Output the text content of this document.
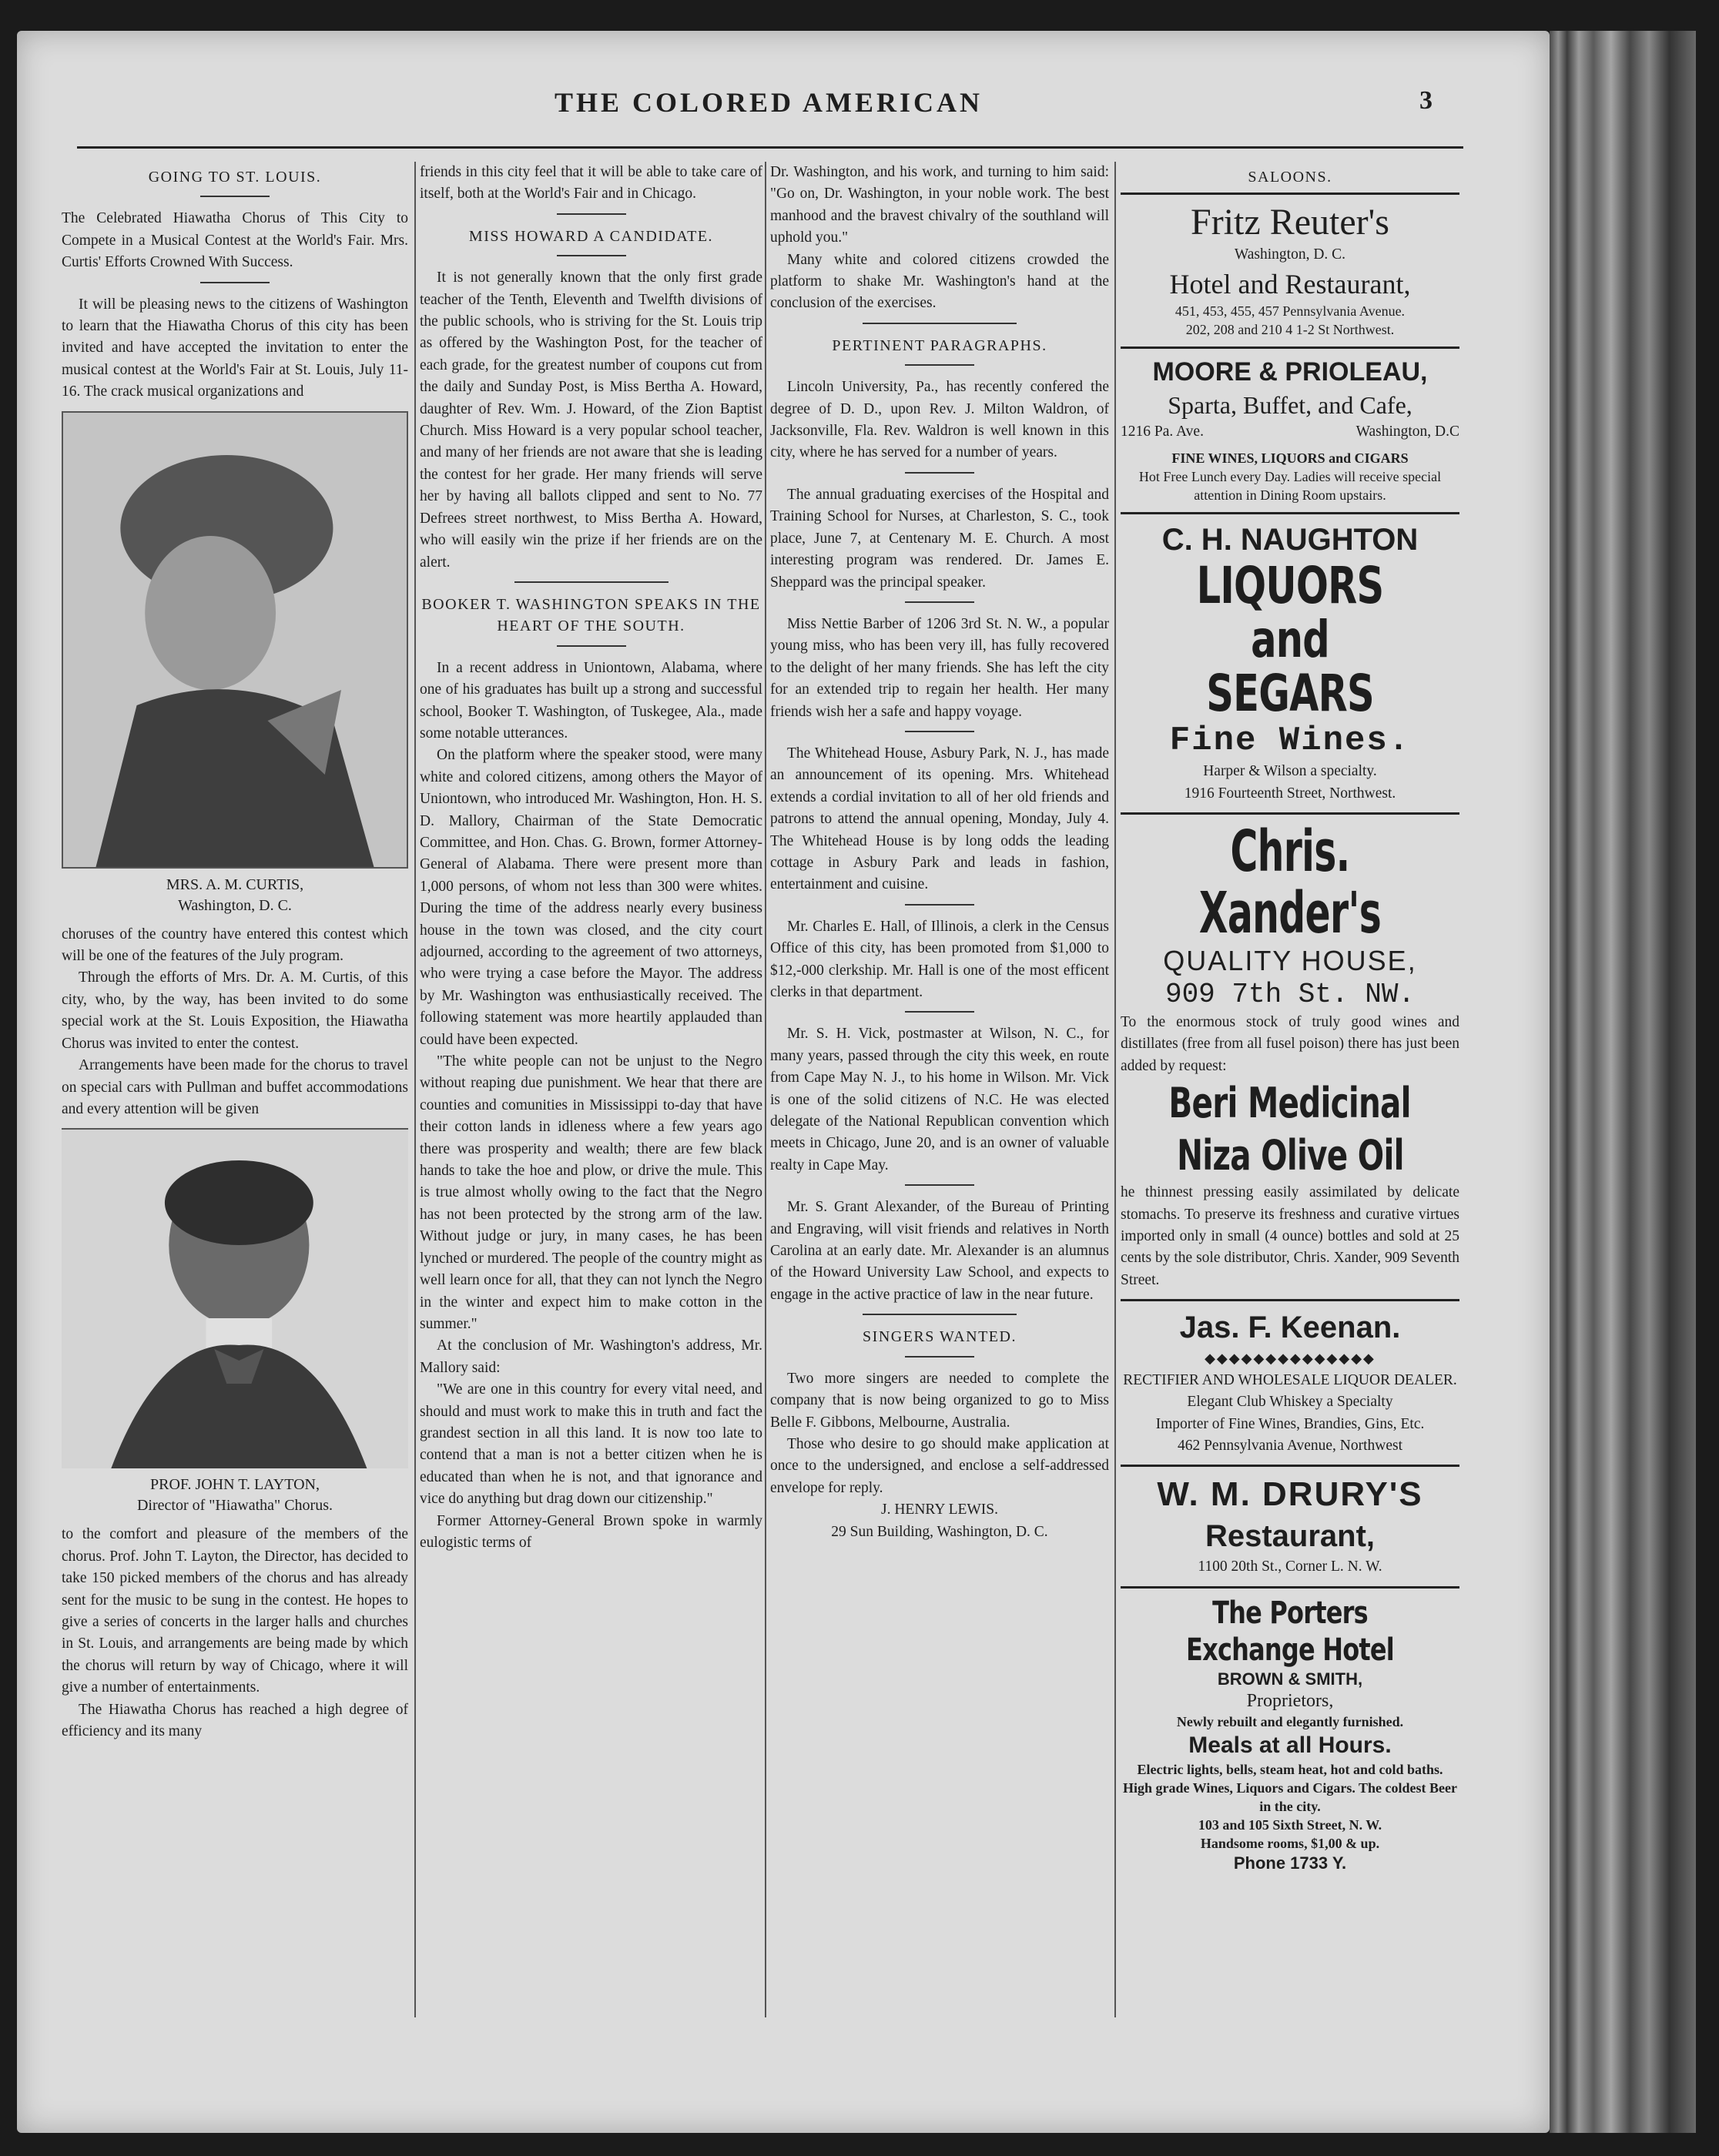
THE COLORED AMERICAN	3
GOING TO ST. LOUIS.

The Celebrated Hiawatha Chorus of This City to Compete in a Musical Contest at the World's Fair. Mrs. Curtis' Efforts Crowned With Success.

It will be pleasing news to the citizens of Washington to learn that the Hiawatha Chorus of this city has been invited and have accepted the invitation to enter the musical contest at the World's Fair at St. Louis, July 11-16. The crack musical organizations and

MRS. A. M. CURTIS,
Washington, D. C.

choruses of the country have entered this contest which will be one of the features of the July program.

Through the efforts of Mrs. Dr. A. M. Curtis, of this city, who, by the way, has been invited to do some special work at the St. Louis Exposition, the Hiawatha Chorus was invited to enter the contest.

Arrangements have been made for the chorus to travel on special cars with Pullman and buffet accommodations and every attention will be given

PROF. JOHN T. LAYTON,
Director of "Hiawatha" Chorus.

to the comfort and pleasure of the members of the chorus. Prof. John T. Layton, the Director, has decided to take 150 picked members of the chorus and has already sent for the music to be sung in the contest. He hopes to give a series of concerts in the larger halls and churches in St. Louis, and arrangements are being made by which the chorus will return by way of Chicago, where it will give a number of entertainments.

The Hiawatha Chorus has reached a high degree of efficiency and its many

friends in this city feel that it will be able to take care of itself, both at the World's Fair and in Chicago.

MISS HOWARD A CANDIDATE.

It is not generally known that the only first grade teacher of the Tenth, Eleventh and Twelfth divisions of the public schools, who is striving for the St. Louis trip as offered by the Washington Post, for the teacher of each grade, for the greatest number of coupons cut from the daily and Sunday Post, is Miss Bertha A. Howard, daughter of Rev. Wm. J. Howard, of the Zion Baptist Church. Miss Howard is a very popular school teacher, and many of her friends are not aware that she is leading the contest for her grade. Her many friends will serve her by having all ballots clipped and sent to No. 77 Defrees street northwest, to Miss Bertha A. Howard, who will easily win the prize if her friends are on the alert.

BOOKER T. WASHINGTON SPEAKS IN THE HEART OF THE SOUTH.

In a recent address in Uniontown, Alabama, where one of his graduates has built up a strong and successful school, Booker T. Washington, of Tuskegee, Ala., made some notable utterances.

On the platform where the speaker stood, were many white and colored citizens, among others the Mayor of Uniontown, who introduced Mr. Washington, Hon. H. S. D. Mallory, Chairman of the State Democratic Committee, and Hon. Chas. G. Brown, former Attorney-General of Alabama. There were present more than 1,000 persons, of whom not less than 300 were whites. During the time of the address nearly every business house in the town was closed, and the city court adjourned, according to the agreement of two attorneys, who were trying a case before the Mayor. The address by Mr. Washington was enthusiastically received. The following statement was more heartily applauded than could have been expected.

"The white people can not be unjust to the Negro without reaping due punishment. We hear that there are counties and comunities in Mississippi to-day that have their cotton lands in idleness where a few years ago there was prosperity and wealth; there are few black hands to take the hoe and plow, or drive the mule. This is true almost wholly owing to the fact that the Negro has not been protected by the strong arm of the law. Without judge or jury, in many cases, he has been lynched or murdered. The people of the country might as well learn once for all, that they can not lynch the Negro in the winter and expect him to make cotton in the summer."

At the conclusion of Mr. Washington's address, Mr. Mallory said:

"We are one in this country for every vital need, and should and must work to make this in truth and fact the grandest section in all this land. It is now too late to contend that a man is not a better citizen when he is educated than when he is not, and that ignorance and vice do anything but drag down our citizenship."

Former Attorney-General Brown spoke in warmly eulogistic terms of

Dr. Washington, and his work, and turning to him said: "Go on, Dr. Washington, in your noble work. The best manhood and the bravest chivalry of the southland will uphold you."

Many white and colored citizens crowded the platform to shake Mr. Washington's hand at the conclusion of the exercises.

PERTINENT PARAGRAPHS.

Lincoln University, Pa., has recently confered the degree of D. D., upon Rev. J. Milton Waldron, of Jacksonville, Fla. Rev. Waldron is well known in this city, where he has served for a number of years.

The annual graduating exercises of the Hospital and Training School for Nurses, at Charleston, S. C., took place, June 7, at Centenary M. E. Church. A most interesting program was rendered. Dr. James E. Sheppard was the principal speaker.

Miss Nettie Barber of 1206 3rd St. N. W., a popular young miss, who has been very ill, has fully recovered to the delight of her many friends. She has left the city for an extended trip to regain her health. Her many friends wish her a safe and happy voyage.

The Whitehead House, Asbury Park, N. J., has made an announcement of its opening. Mrs. Whitehead extends a cordial invitation to all of her old friends and patrons to attend the annual opening, Monday, July 4. The Whitehead House is by long odds the leading cottage in Asbury Park and leads in fashion, entertainment and cuisine.

Mr. Charles E. Hall, of Illinois, a clerk in the Census Office of this city, has been promoted from $1,000 to $12,-000 clerkship. Mr. Hall is one of the most efficent clerks in that department.

Mr. S. H. Vick, postmaster at Wilson, N. C., for many years, passed through the city this week, en route from Cape May N. J., to his home in Wilson. Mr. Vick is one of the solid citizens of N.C. He was elected delegate of the National Republican convention which meets in Chicago, June 20, and is an owner of valuable realty in Cape May.

Mr. S. Grant Alexander, of the Bureau of Printing and Engraving, will visit friends and relatives in North Carolina at an early date. Mr. Alexander is an alumnus of the Howard University Law School, and expects to engage in the active practice of law in the near future.

SINGERS WANTED.

Two more singers are needed to complete the company that is now being organized to go to Miss Belle F. Gibbons, Melbourne, Australia.

Those who desire to go should make application at once to the undersigned, and enclose a self-addressed envelope for reply.

J. HENRY LEWIS.

29 Sun Building, Washington, D. C.

SALOONS.
Fritz Reuter's
Washington, D. C.
Hotel and Restaurant,
451, 453, 455, 457 Pennsylvania Avenue.
202, 208 and 210 4 1-2 St Northwest.
MOORE & PRIOLEAU,
Sparta, Buffet, and Cafe,
1216 Pa. Ave.	Washington, D.C
FINE WINES, LIQUORS and CIGARS
Hot Free Lunch every Day. Ladies will receive special attention in Dining Room upstairs.
C. H. NAUGHTON
LIQUORS and SEGARS
Fine Wines.
Harper & Wilson a specialty.
1916 Fourteenth Street, Northwest.
Chris. Xander's
QUALITY HOUSE,
909 7th St. NW.

To the enormous stock of truly good wines and distillates (free from all fusel poison) there has just been added by request:

Beri Medicinal Niza Olive Oil

he thinnest pressing easily assimilated by delicate stomachs. To preserve its freshness and curative virtues imported only in small (4 ounce) bottles and sold at 25 cents by the sole distributor, Chris. Xander, 909 Seventh Street.

Jas. F. Keenan.
◆◆◆◆◆◆◆◆◆◆◆◆◆◆
RECTIFIER AND WHOLESALE LIQUOR DEALER.
Elegant Club Whiskey a Specialty
Importer of Fine Wines, Brandies, Gins, Etc.
462 Pennsylvania Avenue, Northwest
W. M. DRURY'S
Restaurant,
1100 20th St., Corner L. N. W.
The Porters Exchange Hotel
BROWN & SMITH,
Proprietors,
Newly rebuilt and elegantly furnished.
Meals at all Hours.
Electric lights, bells, steam heat, hot and cold baths.
High grade Wines, Liquors and Cigars. The coldest Beer in the city.
103 and 105 Sixth Street, N. W.
Handsome rooms, $1,00 & up.
Phone 1733 Y.
